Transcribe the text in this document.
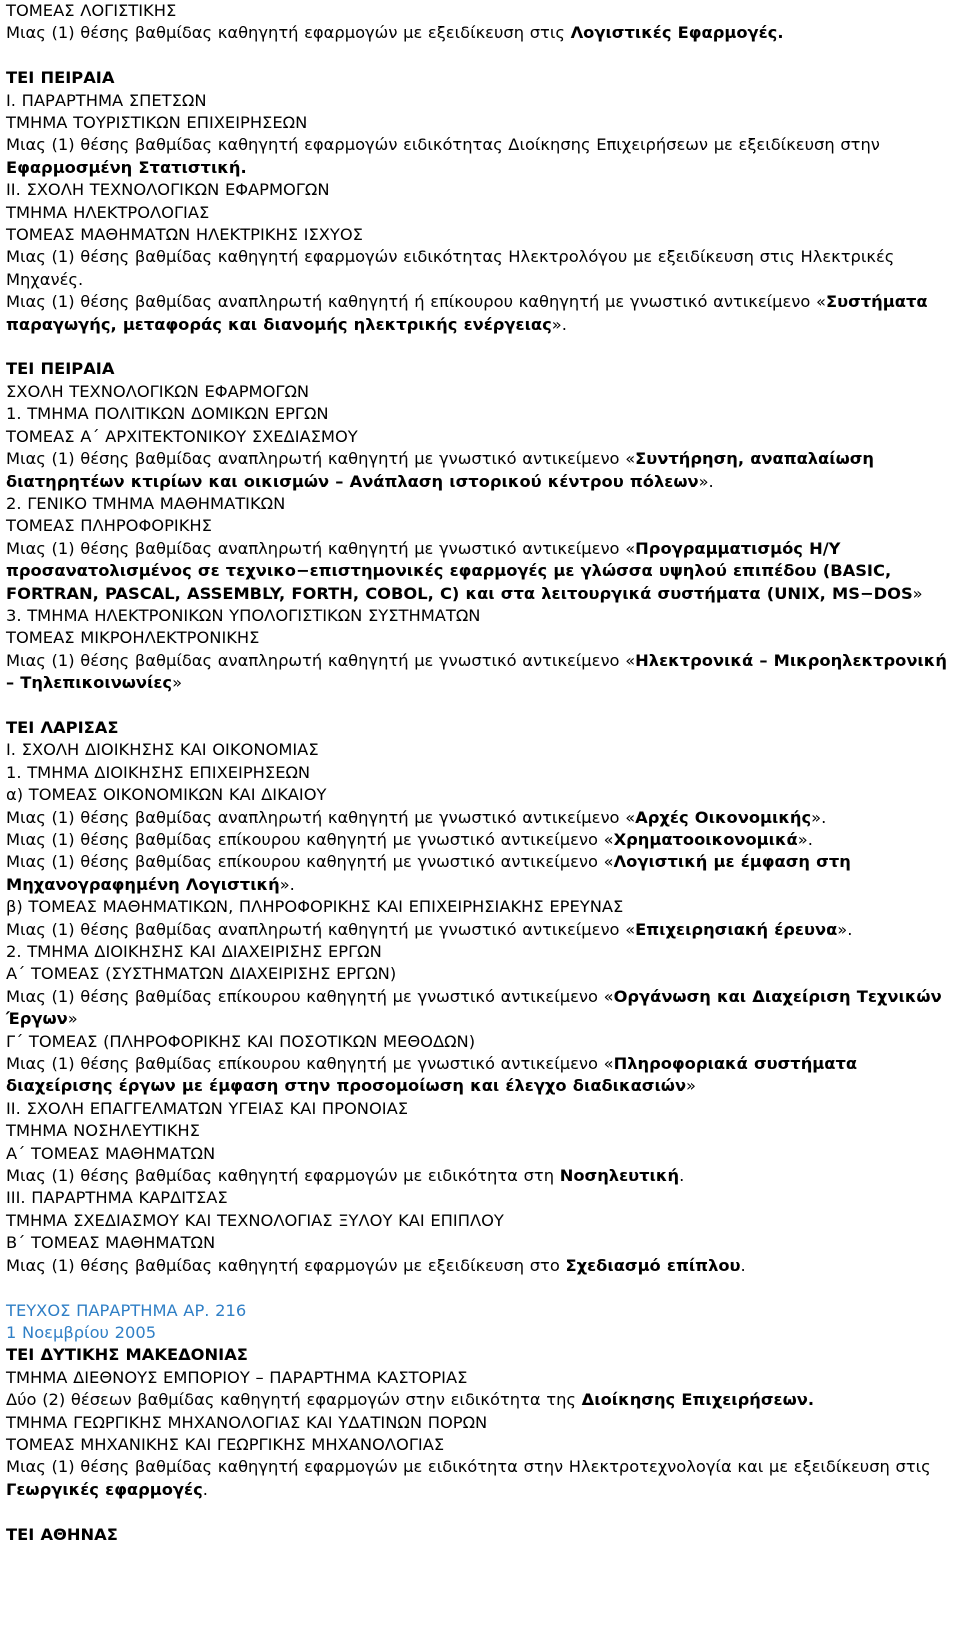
ΤΟΜΕΑΣ ΛΟΓΙΣΤΙΚΗΣ
Μιας (1) θέσης βαθμίδας καθηγητή εφαρμογών με εξειδίκευση στις Λογιστικές Εφαρμογές.
ΤΕΙ ΠΕΙΡΑΙΑ
I. ΠΑΡΑΡΤΗΜΑ ΣΠΕΤΣΩΝ
ΤΜΗΜΑ ΤΟΥΡΙΣΤΙΚΩΝ ΕΠΙΧΕΙΡΗΣΕΩΝ
Μιας (1) θέσης βαθμίδας καθηγητή εφαρμογών ειδικότητας Διοίκησης Επιχειρήσεων με εξειδίκευση στην Εφαρμοσμένη Στατιστική.
II. ΣΧΟΛΗ ΤΕΧΝΟΛΟΓΙΚΩΝ ΕΦΑΡΜΟΓΩΝ
ΤΜΗΜΑ ΗΛΕΚΤΡΟΛΟΓΙΑΣ
ΤΟΜΕΑΣ ΜΑΘΗΜΑΤΩΝ ΗΛΕΚΤΡΙΚΗΣ ΙΣΧΥΟΣ
Μιας (1) θέσης βαθμίδας καθηγητή εφαρμογών ειδικότητας Ηλεκτρολόγου με εξειδίκευση στις Ηλεκτρικές Μηχανές.
Μιας (1) θέσης βαθμίδας αναπληρωτή καθηγητή ή επίκουρου καθηγητή με γνωστικό αντικείμενο «Συστήματα παραγωγής, μεταφοράς και διανομής ηλεκτρικής ενέργειας».
ΤΕΙ ΠΕΙΡΑΙΑ
ΣΧΟΛΗ ΤΕΧΝΟΛΟΓΙΚΩΝ ΕΦΑΡΜΟΓΩΝ
1. ΤΜΗΜΑ ΠΟΛΙΤΙΚΩΝ ΔΟΜΙΚΩΝ ΕΡΓΩΝ
ΤΟΜΕΑΣ Α΄ ΑΡΧΙΤΕΚΤΟΝΙΚΟΥ ΣΧΕΔΙΑΣΜΟΥ
Μιας (1) θέσης βαθμίδας αναπληρωτή καθηγητή με γνωστικό αντικείμενο «Συντήρηση, αναπαλαίωση διατηρητέων κτιρίων και οικισμών – Ανάπλαση ιστορικού κέντρου πόλεων».
2. ΓΕΝΙΚΟ ΤΜΗΜΑ ΜΑΘΗΜΑΤΙΚΩΝ
ΤΟΜΕΑΣ ΠΛΗΡΟΦΟΡΙΚΗΣ
Μιας (1) θέσης βαθμίδας αναπληρωτή καθηγητή με γνωστικό αντικείμενο «Προγραμματισμός Η/Υ προσανατολισμένος σε τεχνικο−επιστημονικές εφαρμογές με γλώσσα υψηλού επιπέδου (BASIC, FORTRAN, PASCAL, ASSEMBLY, FORTH, COBOL, C) και στα λειτουργικά συστήματα (UNIX, MS−DOS»
3. ΤΜΗΜΑ ΗΛΕΚΤΡΟΝΙΚΩΝ ΥΠΟΛΟΓΙΣΤΙΚΩΝ ΣΥΣΤΗΜΑΤΩΝ
ΤΟΜΕΑΣ ΜΙΚΡΟΗΛΕΚΤΡΟΝΙΚΗΣ
Μιας (1) θέσης βαθμίδας αναπληρωτή καθηγητή με γνωστικό αντικείμενο «Ηλεκτρονικά – Μικροηλεκτρονική – Τηλεπικοινωνίες»
ΤΕΙ ΛΑΡΙΣΑΣ
I. ΣΧΟΛΗ ΔΙΟΙΚΗΣΗΣ ΚΑΙ ΟΙΚΟΝΟΜΙΑΣ
1. ΤΜΗΜΑ ΔΙΟΙΚΗΣΗΣ ΕΠΙΧΕΙΡΗΣΕΩΝ
α) ΤΟΜΕΑΣ ΟΙΚΟΝΟΜΙΚΩΝ ΚΑΙ ΔΙΚΑΙΟΥ
Μιας (1) θέσης βαθμίδας αναπληρωτή καθηγητή με γνωστικό αντικείμενο «Αρχές Οικονομικής».
Μιας (1) θέσης βαθμίδας επίκουρου καθηγητή με γνωστικό αντικείμενο «Χρηματοοικονομικά».
Μιας (1) θέσης βαθμίδας επίκουρου καθηγητή με γνωστικό αντικείμενο «Λογιστική με έμφαση στη Μηχανογραφημένη Λογιστική».
β) ΤΟΜΕΑΣ ΜΑΘΗΜΑΤΙΚΩΝ, ΠΛΗΡΟΦΟΡΙΚΗΣ ΚΑΙ ΕΠΙΧΕΙΡΗΣΙΑΚΗΣ ΕΡΕΥΝΑΣ
Μιας (1) θέσης βαθμίδας αναπληρωτή καθηγητή με γνωστικό αντικείμενο «Επιχειρησιακή έρευνα».
2. ΤΜΗΜΑ ΔΙΟΙΚΗΣΗΣ ΚΑΙ ΔΙΑΧΕΙΡΙΣΗΣ ΕΡΓΩΝ
Α΄ ΤΟΜΕΑΣ (ΣΥΣΤΗΜΑΤΩΝ ΔΙΑΧΕΙΡΙΣΗΣ ΕΡΓΩΝ)
Μιας (1) θέσης βαθμίδας επίκουρου καθηγητή με γνωστικό αντικείμενο «Οργάνωση και Διαχείριση Τεχνικών Έργων»
Γ΄ ΤΟΜΕΑΣ (ΠΛΗΡΟΦΟΡΙΚΗΣ ΚΑΙ ΠΟΣΟΤΙΚΩΝ ΜΕΘΟΔΩΝ)
Μιας (1) θέσης βαθμίδας επίκουρου καθηγητή με γνωστικό αντικείμενο «Πληροφοριακά συστήματα διαχείρισης έργων με έμφαση στην προσομοίωση και έλεγχο διαδικασιών»
II. ΣΧΟΛΗ ΕΠΑΓΓΕΛΜΑΤΩΝ ΥΓΕΙΑΣ ΚΑΙ ΠΡΟΝΟΙΑΣ
ΤΜΗΜΑ ΝΟΣΗΛΕΥΤΙΚΗΣ
Α΄ ΤΟΜΕΑΣ ΜΑΘΗΜΑΤΩΝ
Μιας (1) θέσης βαθμίδας καθηγητή εφαρμογών με ειδικότητα στη Νοσηλευτική.
III. ΠΑΡΑΡΤΗΜΑ ΚΑΡΔΙΤΣΑΣ
ΤΜΗΜΑ ΣΧΕΔΙΑΣΜΟΥ ΚΑΙ ΤΕΧΝΟΛΟΓΙΑΣ ΞΥΛΟΥ ΚΑΙ ΕΠΙΠΛΟΥ
Β΄ ΤΟΜΕΑΣ ΜΑΘΗΜΑΤΩΝ
Μιας (1) θέσης βαθμίδας καθηγητή εφαρμογών με εξειδίκευση στο Σχεδιασμό επίπλου.
ΤΕΥΧΟΣ ΠΑΡΑΡΤΗΜΑ ΑΡ. 216
1 Νοεμβρίου 2005
ΤΕΙ ΔΥΤΙΚΗΣ ΜΑΚΕΔΟΝΙΑΣ
ΤΜΗΜΑ ΔΙΕΘΝΟΥΣ ΕΜΠΟΡΙΟΥ – ΠΑΡΑΡΤΗΜΑ ΚΑΣΤΟΡΙΑΣ
Δύο (2) θέσεων βαθμίδας καθηγητή εφαρμογών στην ειδικότητα της Διοίκησης Επιχειρήσεων.
ΤΜΗΜΑ ΓΕΩΡΓΙΚΗΣ ΜΗΧΑΝΟΛΟΓΙΑΣ ΚΑΙ ΥΔΑΤΙΝΩΝ ΠΟΡΩΝ
ΤΟΜΕΑΣ ΜΗΧΑΝΙΚΗΣ ΚΑΙ ΓΕΩΡΓΙΚΗΣ ΜΗΧΑΝΟΛΟΓΙΑΣ
Μιας (1) θέσης βαθμίδας καθηγητή εφαρμογών με ειδικότητα στην Ηλεκτροτεχνολογία και με εξειδίκευση στις Γεωργικές εφαρμογές.
ΤΕΙ ΑΘΗΝΑΣ
